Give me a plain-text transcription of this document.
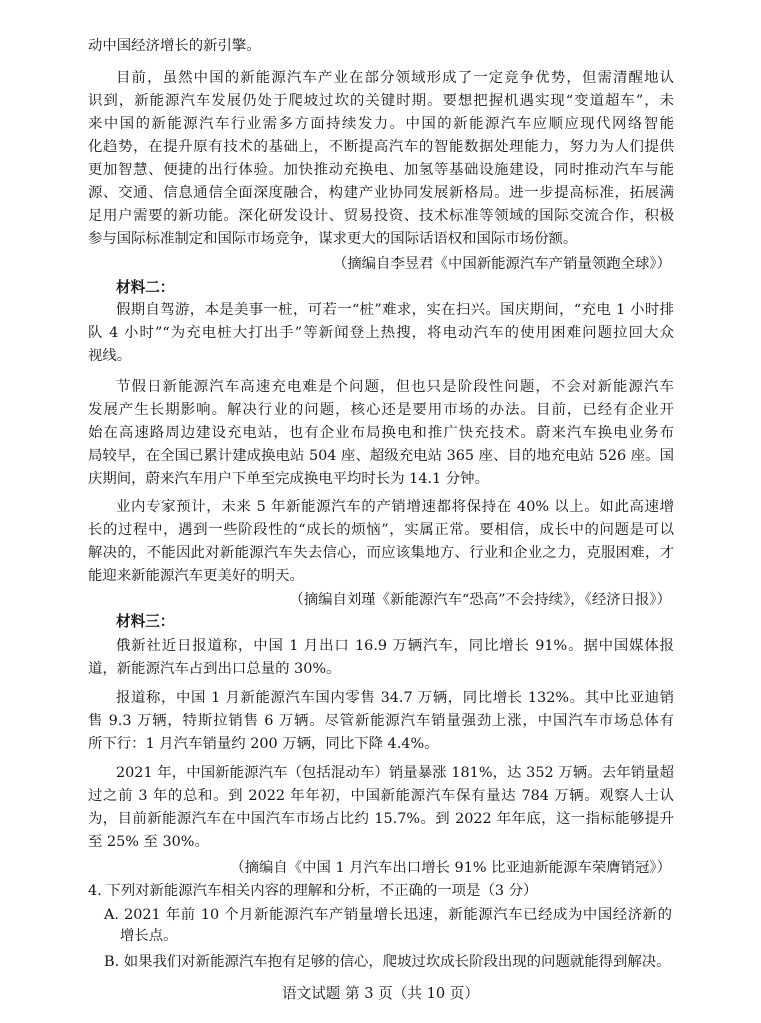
动中国经济增长的新引擎。
目前，虽然中国的新能源汽车产业在部分领域形成了一定竞争优势，但需清醒地认
识到，新能源汽车发展仍处于爬坡过坎的关键时期。要想把握机遇实现“变道超车”，未
来中国的新能源汽车行业需多方面持续发力。中国的新能源汽车应顺应现代网络智能
化趋势，在提升原有技术的基础上，不断提高汽车的智能数据处理能力，努力为人们提供
更加智慧、便捷的出行体验。加快推动充换电、加氢等基础设施建设，同时推动汽车与能
源、交通、信息通信全面深度融合，构建产业协同发展新格局。进一步提高标准，拓展满
足用户需要的新功能。深化研发设计、贸易投资、技术标准等领域的国际交流合作，积极
参与国际标准制定和国际市场竞争，谋求更大的国际话语权和国际市场份额。
（摘编自李昱君《中国新能源汽车产销量领跑全球》）
材料二：
假期自驾游，本是美事一桩，可若一“桩”难求，实在扫兴。国庆期间，“充电 1 小时排
队 4 小时”“为充电桩大打出手”等新闻登上热搜，将电动汽车的使用困难问题拉回大众
视线。
节假日新能源汽车高速充电难是个问题，但也只是阶段性问题，不会对新能源汽车
发展产生长期影响。解决行业的问题，核心还是要用市场的办法。目前，已经有企业开
始在高速路周边建设充电站，也有企业布局换电和推广快充技术。蔚来汽车换电业务布
局较早，在全国已累计建成换电站 504 座、超级充电站 365 座、目的地充电站 526 座。国
庆期间，蔚来汽车用户下单至完成换电平均时长为 14.1 分钟。
业内专家预计，未来 5 年新能源汽车的产销增速都将保持在 40% 以上。如此高速增
长的过程中，遇到一些阶段性的“成长的烦恼”，实属正常。要相信，成长中的问题是可以
解决的，不能因此对新能源汽车失去信心，而应该集地方、行业和企业之力，克服困难，才
能迎来新能源汽车更美好的明天。
（摘编自刘瑾《新能源汽车“恐高”不会持续》，《经济日报》）
材料三：
俄新社近日报道称，中国 1 月出口 16.9 万辆汽车，同比增长 91%。据中国媒体报
道，新能源汽车占到出口总量的 30%。
报道称，中国 1 月新能源汽车国内零售 34.7 万辆，同比增长 132%。其中比亚迪销
售 9.3 万辆，特斯拉销售 6 万辆。尽管新能源汽车销量强劲上涨，中国汽车市场总体有
所下行：1 月汽车销量约 200 万辆，同比下降 4.4%。
2021 年，中国新能源汽车（包括混动车）销量暴涨 181%，达 352 万辆。去年销量超
过之前 3 年的总和。到 2022 年年初，中国新能源汽车保有量达 784 万辆。观察人士认
为，目前新能源汽车在中国汽车市场占比约 15.7%。到 2022 年年底，这一指标能够提升
至 25% 至 30%。
（摘编自《中国 1 月汽车出口增长 91% 比亚迪新能源车荣膺销冠》）
4. 下列对新能源汽车相关内容的理解和分析，不正确的一项是（3 分）
A. 2021 年前 10 个月新能源汽车产销量增长迅速，新能源汽车已经成为中国经济新的
增长点。
B. 如果我们对新能源汽车抱有足够的信心，爬坡过坎成长阶段出现的问题就能得到解决。
语文试题 第 3 页（共 10 页）
